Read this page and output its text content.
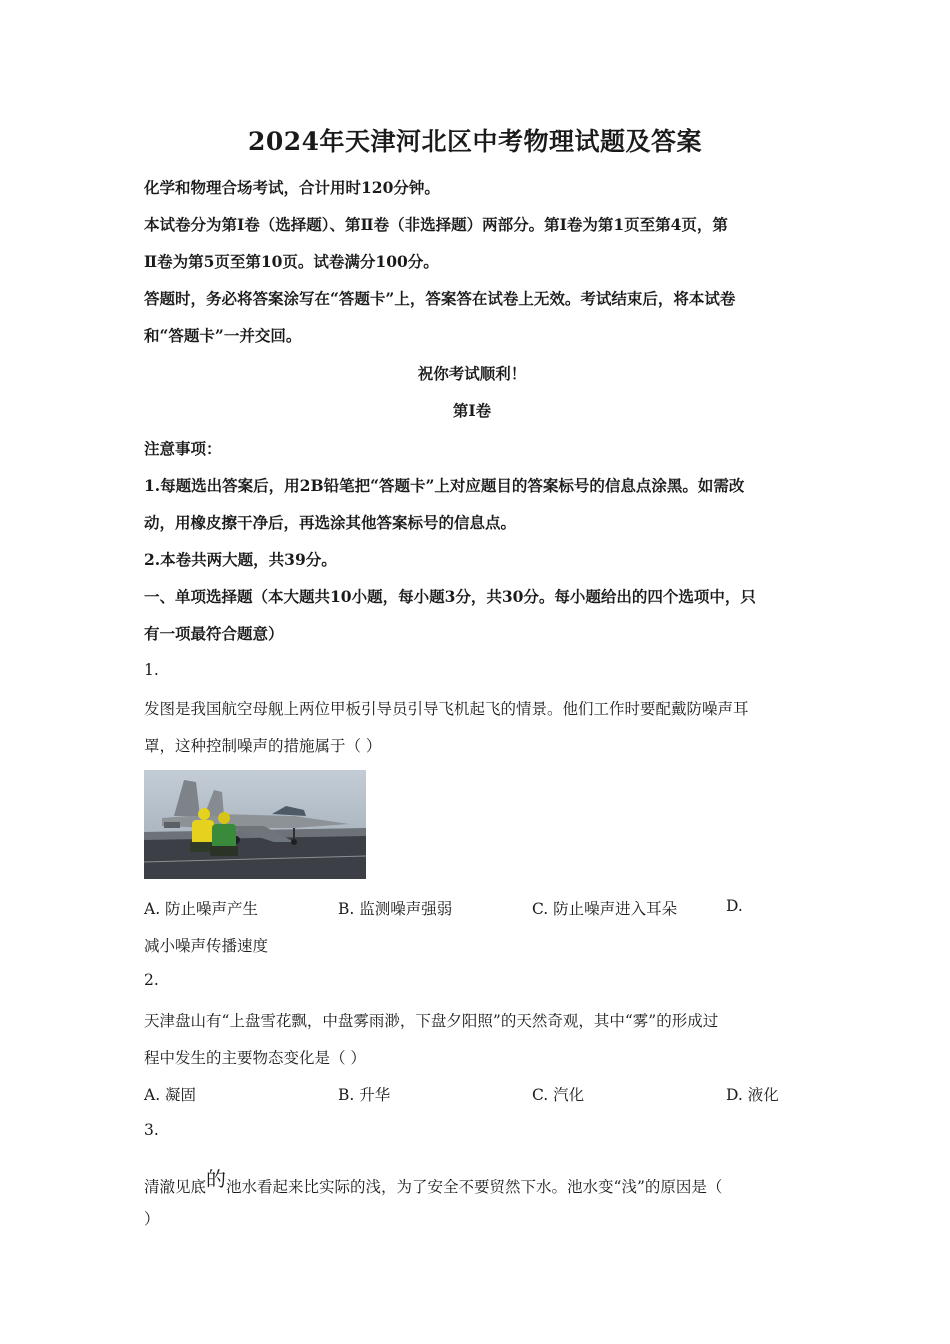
2024年天津河北区中考物理试题及答案
化学和物理合场考试，合计用时120分钟。
本试卷分为第Ⅰ卷（选择题）、第Ⅱ卷（非选择题）两部分。第Ⅰ卷为第1页至第4页，第
Ⅱ卷为第5页至第10页。试卷满分100分。
答题时，务必将答案涂写在“答题卡”上，答案答在试卷上无效。考试结束后，将本试卷
和“答题卡”一并交回。
祝你考试顺利！
第Ⅰ卷
注意事项：
1.每题选出答案后，用2B铅笔把“答题卡”上对应题目的答案标号的信息点涂黑。如需改
动，用橡皮擦干净后，再选涂其他答案标号的信息点。
2.本卷共两大题，共39分。
一、单项选择题（本大题共10小题，每小题3分，共30分。每小题给出的四个选项中，只
有一项最符合题意）
1.
发图是我国航空母舰上两位甲板引导员引导飞机起飞的情景。他们工作时要配戴防噪声耳
罩，这种控制噪声的措施属于（ ）
A. 防止噪声产生	B. 监测噪声强弱	C. 防止噪声进入耳朵	D.
减小噪声传播速度
2.
天津盘山有“上盘雪花飘，中盘雾雨渺，下盘夕阳照”的天然奇观，其中“雾”的形成过
程中发生的主要物态变化是（ ）
A. 凝固	B. 升华	C. 汽化	D. 液化
3.
清澈见底的池水看起来比实际的浅，为了安全不要贸然下水。池水变“浅”的原因是（
）
